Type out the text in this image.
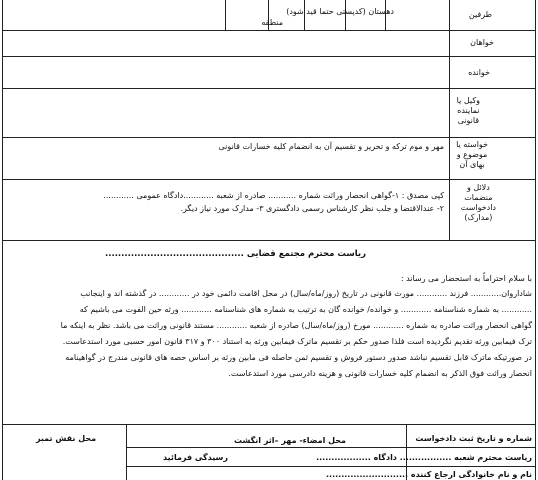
دهستان (کدپستی حتما قید شود)
منطقه
طرفین
خواهان
خوانده
وکیل یا
نماینده
قانونی
خواسته یا
موضوع و
بهای آن
مهر و موم ترکه و تحریر و تقسیم آن به انضمام کلیه خسارات قانونی
دلائل و
منضمات
دادخواست
(مدارک)
کپی مصدق : ۱-گواهی انحصار وراثت شماره ........... صادره از شعبه ............دادگاه عمومی ............
۲- عندالاقتضا و جلب نظر کارشناس رسمی دادگستری ۳- مدارک مورد نیاز دیگر.
ریاست محترم مجتمع قضایی ...........................................
با سلام احتراماً به استحضار می رساند :
شاداروان............ فرزند ............ مورث قانونی در تاریخ (روز/ماه/سال) در محل اقامت دائمی خود در ............ در گذشته اند و اینجانب
............ به شماره شناسنامه ............ و خوانده/ خوانده گان به ترتیب به شماره های شناسنامه ............ ورثه حین الفوت می باشیم که
گواهی انحصار وراثت صادره به شماره ............ مورخ (روز/ماه/سال) صادره از شعبه ............ مستند قانونی وراثت می باشد. نظر به اینکه ما
ترک فیمابین ورثه تقدیم نگردیده است فلذا صدور حکم بر تقسیم ماترک فیمابین ورثه به استناد ۳۰۰ و ۳۱۷ قانون امور حسبی مورد استدعاست.
در صورتیکه ماترک قابل تقسیم نباشد صدور دستور فروش و تقسیم ثمن حاصله فی مابین ورثه بر اساس حصه های قانونی مندرج در گواهینامه
انحصار وراثت فوق الذکر به انضمام کلیه خسارات قانونی و هزینه دادرسی مورد استدعاست.
محل نقش تمبر	محل امضاء- مهر –اثر انگشت	شماره و تاریخ ثبت دادخواست
ریاست محترم شعبه ................. دادگاه ..................
رسیدگی فرمائید
نام و نام خانوادگی ارجاع کننده ...........................
